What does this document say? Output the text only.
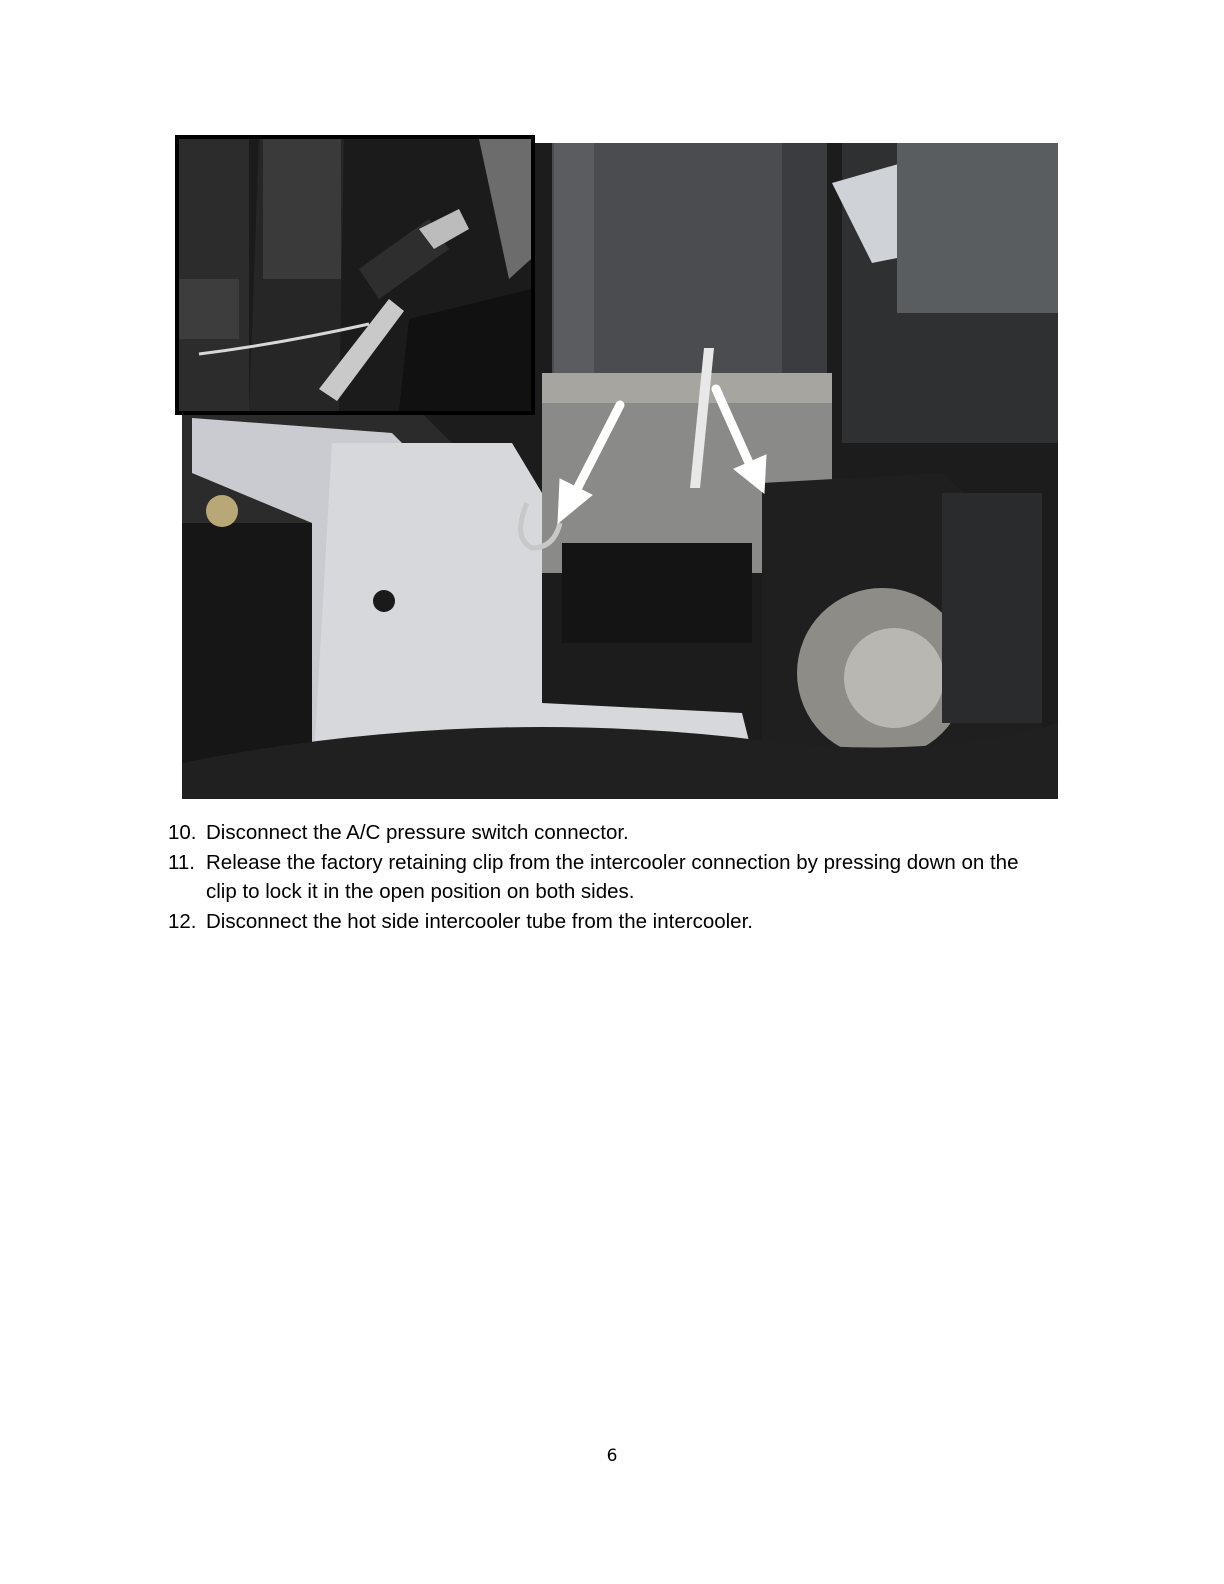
10. Disconnect the A/C pressure switch connector.
11. Release the factory retaining clip from the intercooler connection by pressing down on the clip to lock it in the open position on both sides.
12. Disconnect the hot side intercooler tube from the intercooler.
6
